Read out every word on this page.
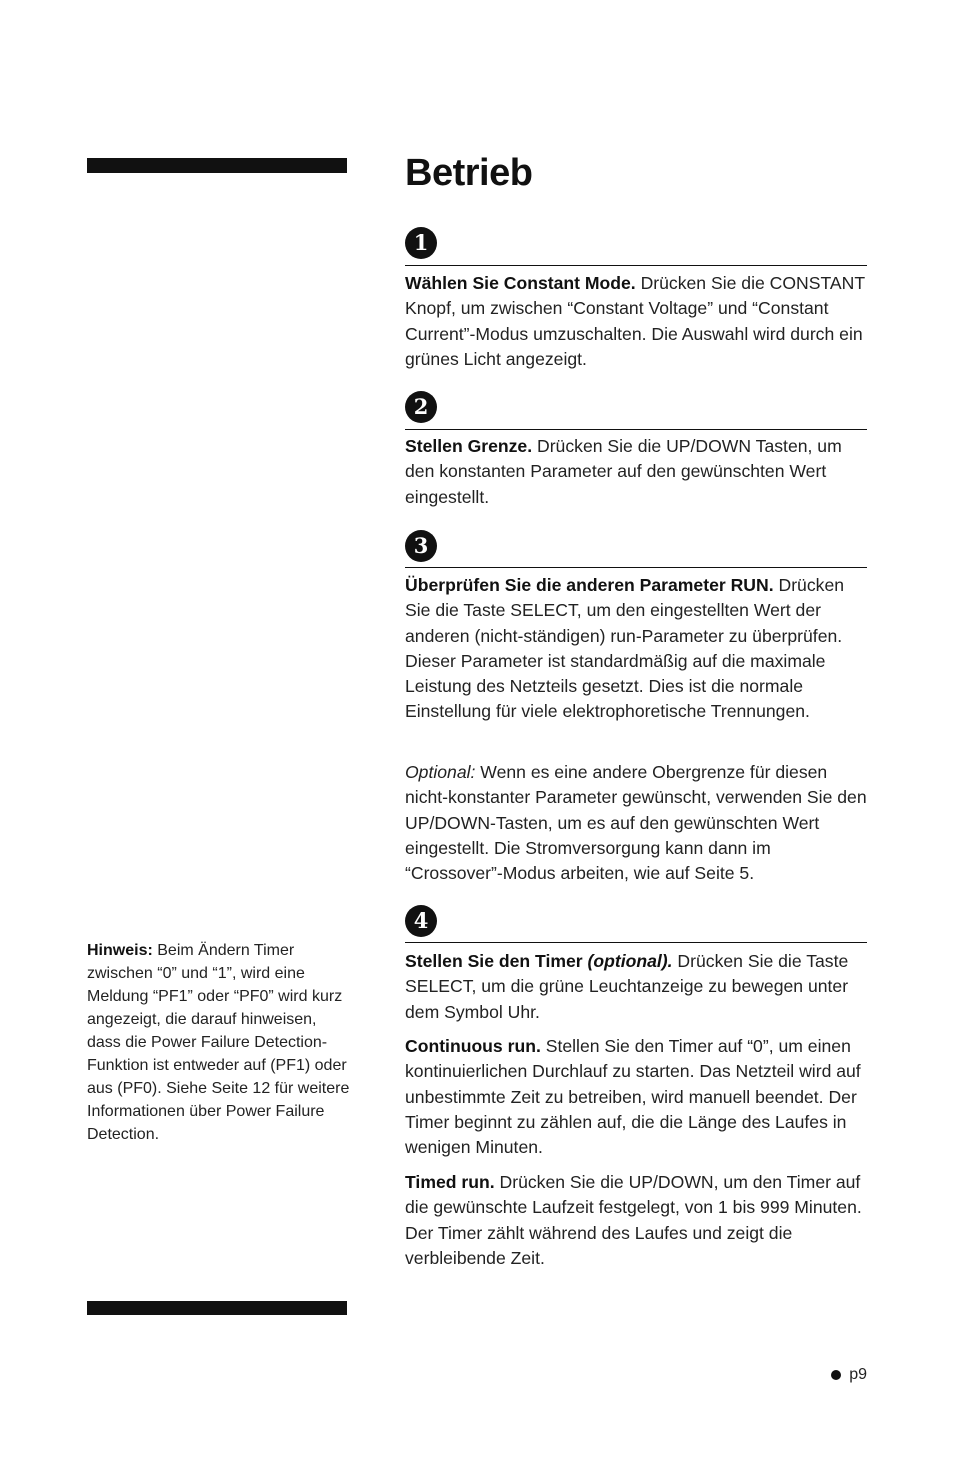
Betrieb
1

Wählen Sie Constant Mode. Drücken Sie die CONSTANT Knopf, um zwischen “Constant Voltage” und “Constant Current”-Modus umzuschalten. Die Auswahl wird durch ein grünes Licht angezeigt.

2

Stellen Grenze. Drücken Sie die UP/DOWN Tasten, um den konstanten Parameter auf den gewünschten Wert eingestellt.

3

Überprüfen Sie die anderen Parameter RUN. Drücken Sie die Taste SELECT, um den eingestellten Wert der anderen (nicht-ständigen) run-Parameter zu überprüfen. Dieser Parameter ist standardmäßig auf die maximale Leistung des Netzteils gesetzt. Dies ist die normale Einstellung für viele elektrophoretische Trennungen.

Optional: Wenn es eine andere Obergrenze für diesen nicht-konstanter Parameter gewünscht, verwenden Sie den UP/DOWN-Tasten, um es auf den gewünschten Wert eingestellt. Die Stromversorgung kann dann im “Crossover”-Modus arbeiten, wie auf Seite 5.

4

Stellen Sie den Timer (optional). Drücken Sie die Taste SELECT, um die grüne Leuchtanzeige zu bewegen unter dem Symbol Uhr.

Continuous run. Stellen Sie den Timer auf “0”, um einen kontinuierlichen Durchlauf zu starten. Das Netzteil wird auf unbestimmte Zeit zu betreiben, wird manuell beendet. Der Timer beginnt zu zählen auf, die die Länge des Laufes in wenigen Minuten.

Timed run. Drücken Sie die UP/DOWN, um den Timer auf die gewünschte Laufzeit festgelegt, von 1 bis 999 Minuten. Der Timer zählt während des Laufes und zeigt die verbleibende Zeit.

Hinweis: Beim Ändern Timer zwischen “0” und “1”, wird eine Meldung “PF1” oder “PF0” wird kurz angezeigt, die darauf hinweisen, dass die Power Failure Detection-Funktion ist entweder auf (PF1) oder aus (PF0). Siehe Seite 12 für weitere Informationen über Power Failure Detection.

p9
